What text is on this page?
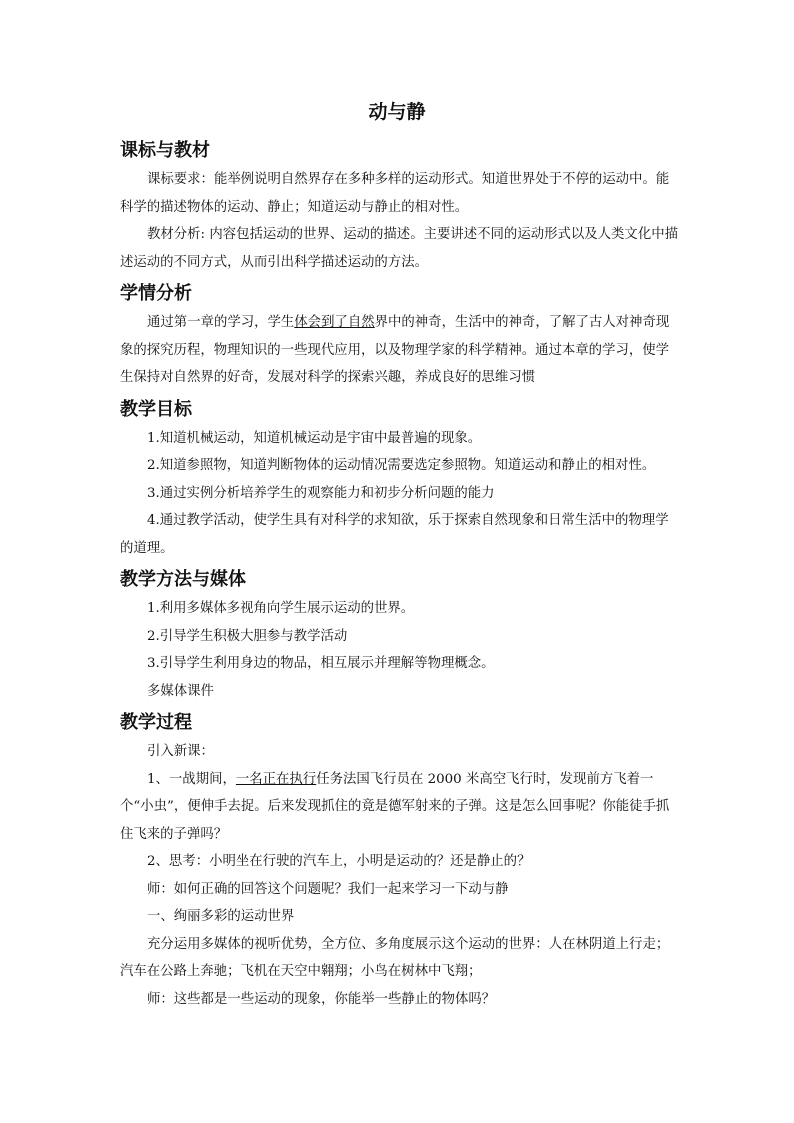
动与静
课标与教材

课标要求：能举例说明自然界存在多种多样的运动形式。知道世界处于不停的运动中。能科学的描述物体的运动、静止；知道运动与静止的相对性。

教材分析: 内容包括运动的世界、运动的描述。主要讲述不同的运动形式以及人类文化中描述运动的不同方式，从而引出科学描述运动的方法。

学情分析

通过第一章的学习，学生体会到了自然界中的神奇，生活中的神奇，了解了古人对神奇现象的探究历程，物理知识的一些现代应用，以及物理学家的科学精神。通过本章的学习，使学生保持对自然界的好奇，发展对科学的探索兴趣，养成良好的思维习惯

教学目标

1.知道机械运动，知道机械运动是宇宙中最普遍的现象。

2.知道参照物，知道判断物体的运动情况需要选定参照物。知道运动和静止的相对性。

3.通过实例分析培养学生的观察能力和初步分析问题的能力

4.通过教学活动，使学生具有对科学的求知欲，乐于探索自然现象和日常生活中的物理学的道理。

教学方法与媒体

1.利用多媒体多视角向学生展示运动的世界。

2.引导学生积极大胆参与教学活动

3.引导学生利用身边的物品，相互展示并理解等物理概念。

多媒体课件

教学过程

引入新课：

1、一战期间，一名正在执行任务法国飞行员在 2000 米高空飞行时，发现前方飞着一个“小虫”，便伸手去捉。后来发现抓住的竟是德军射来的子弹。这是怎么回事呢？你能徒手抓住飞来的子弹吗？

2、思考：小明坐在行驶的汽车上，小明是运动的？还是静止的？

师：如何正确的回答这个问题呢？我们一起来学习一下动与静

一、绚丽多彩的运动世界

充分运用多媒体的视听优势，全方位、多角度展示这个运动的世界：人在林阴道上行走；汽车在公路上奔驰；飞机在天空中翱翔；小鸟在树林中飞翔；

师：这些都是一些运动的现象，你能举一些静止的物体吗？
